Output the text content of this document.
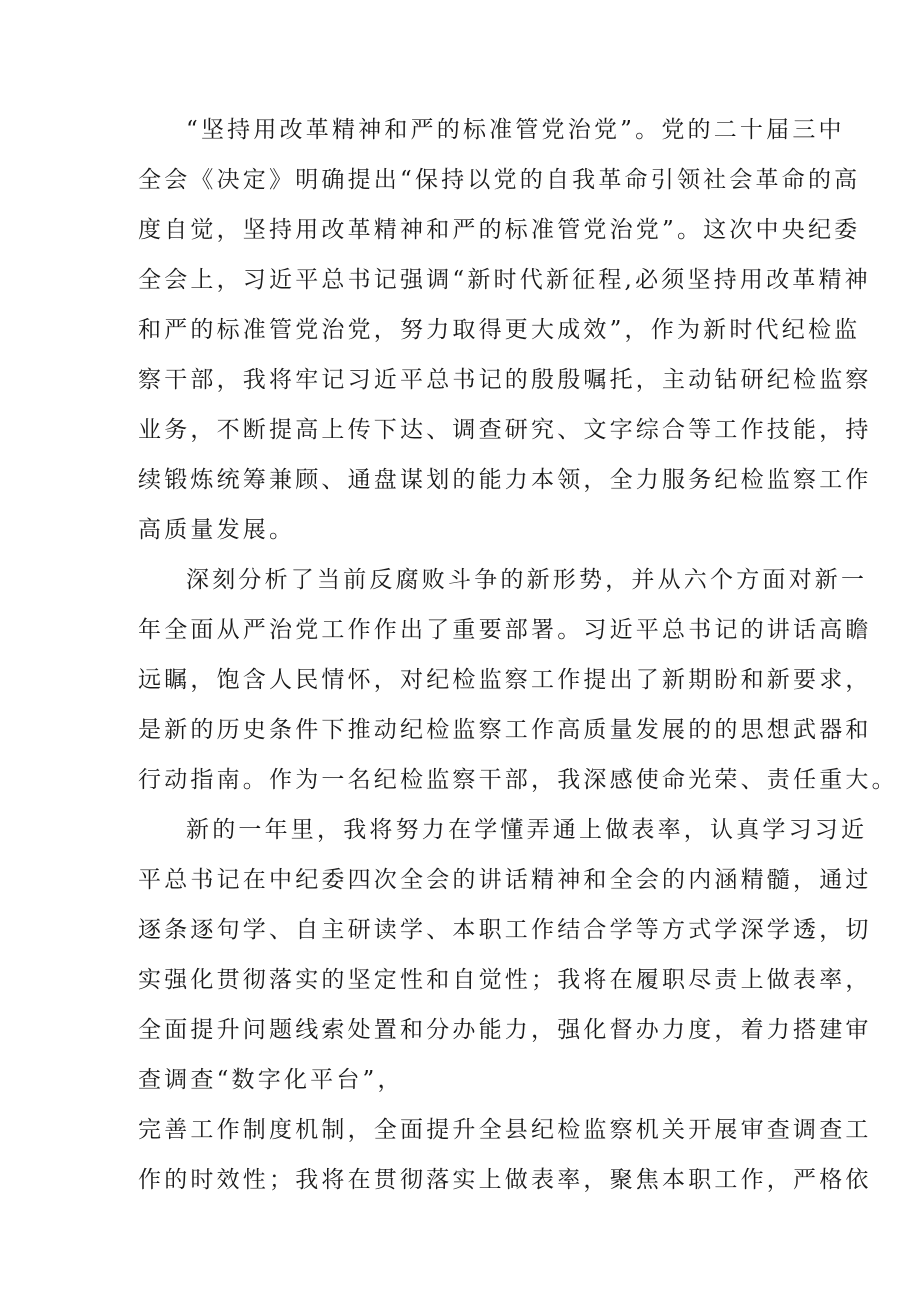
“坚持用改革精神和严的标准管党治党”。党的二十届三中
全会《决定》明确提出“保持以党的自我革命引领社会革命的高
度自觉，坚持用改革精神和严的标准管党治党”。这次中央纪委
全会上，习近平总书记强调“新时代新征程,必须坚持用改革精神
和严的标准管党治党，努力取得更大成效”，作为新时代纪检监
察干部，我将牢记习近平总书记的殷殷嘱托，主动钻研纪检监察
业务，不断提高上传下达、调查研究、文字综合等工作技能，持
续锻炼统筹兼顾、通盘谋划的能力本领，全力服务纪检监察工作
高质量发展。
深刻分析了当前反腐败斗争的新形势，并从六个方面对新一
年全面从严治党工作作出了重要部署。习近平总书记的讲话高瞻
远瞩，饱含人民情怀，对纪检监察工作提出了新期盼和新要求，
是新的历史条件下推动纪检监察工作高质量发展的的思想武器和
行动指南。作为一名纪检监察干部，我深感使命光荣、责任重大。
新的一年里，我将努力在学懂弄通上做表率，认真学习习近
平总书记在中纪委四次全会的讲话精神和全会的内涵精髓，通过
逐条逐句学、自主研读学、本职工作结合学等方式学深学透，切
实强化贯彻落实的坚定性和自觉性；我将在履职尽责上做表率，
全面提升问题线索处置和分办能力，强化督办力度，着力搭建审
查调查“数字化平台”，
完善工作制度机制，全面提升全县纪检监察机关开展审查调查工
作的时效性；我将在贯彻落实上做表率，聚焦本职工作，严格依
